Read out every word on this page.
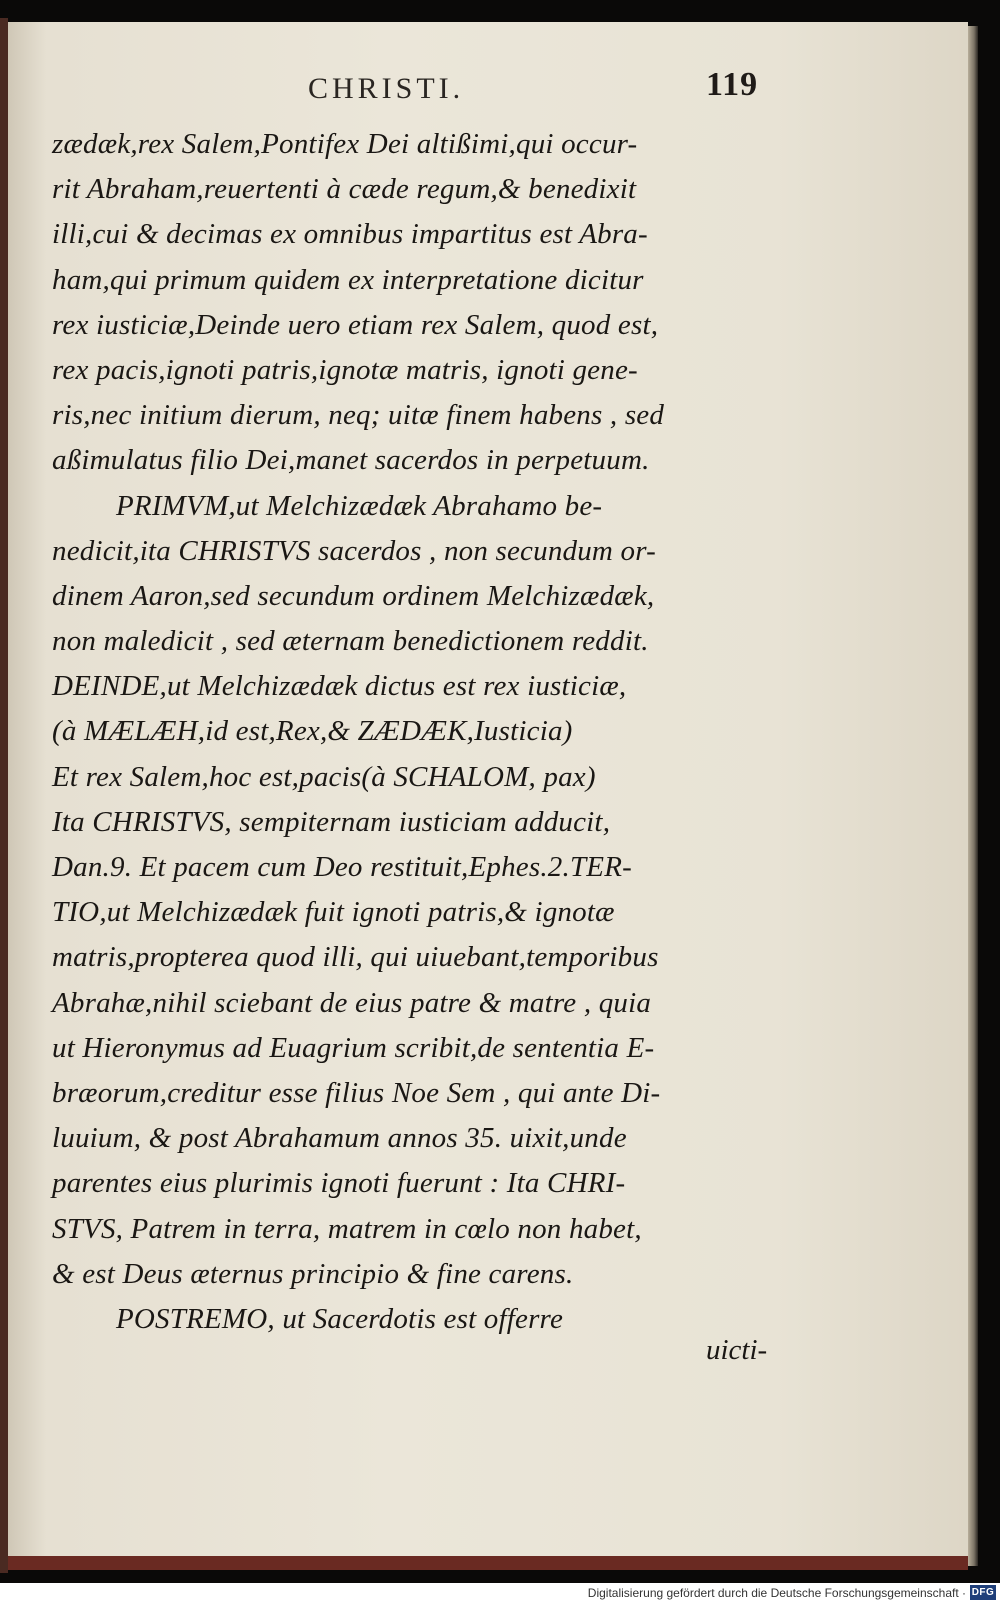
CHRISTI.	119
zædæk,rex Salem,Pontifex Dei altißimi,qui occur-
rit Abraham,reuertenti à cæde regum,& benedixit
illi,cui & decimas ex omnibus impartitus est Abra-
ham,qui primum quidem ex interpretatione dicitur
rex iusticiæ,Deinde uero etiam rex Salem, quod est,
rex pacis,ignoti patris,ignotæ matris, ignoti gene-
ris,nec initium dierum, neq; uitæ finem habens , sed
aßimulatus filio Dei,manet sacerdos in perpetuum.
PRIMVM,ut Melchizædæk Abrahamo be-
nedicit,ita CHRISTVS sacerdos , non secundum or-
dinem Aaron,sed secundum ordinem Melchizædæk,
non maledicit , sed æternam benedictionem reddit.
DEINDE,ut Melchizædæk dictus est rex iusticiæ,
(à MÆLÆH,id est,Rex,& ZÆDÆK,Iusticia)
Et rex Salem,hoc est,pacis(à SCHALOM, pax)
Ita CHRISTVS, sempiternam iusticiam adducit,
Dan.9. Et pacem cum Deo restituit,Ephes.2.TER-
TIO,ut Melchizædæk fuit ignoti patris,& ignotæ
matris,propterea quod illi, qui uiuebant,temporibus
Abrahæ,nihil sciebant de eius patre & matre , quia
ut Hieronymus ad Euagrium scribit,de sententia E-
bræorum,creditur esse filius Noe Sem , qui ante Di-
luuium, & post Abrahamum annos 35. uixit,unde
parentes eius plurimis ignoti fuerunt : Ita CHRI-
STVS, Patrem in terra, matrem in cœlo non habet,
& est Deus æternus principio & fine carens.
POSTREMO, ut Sacerdotis est offerre
uicti-
Digitalisierung gefördert durch die Deutsche Forschungsgemeinschaft · DFG
